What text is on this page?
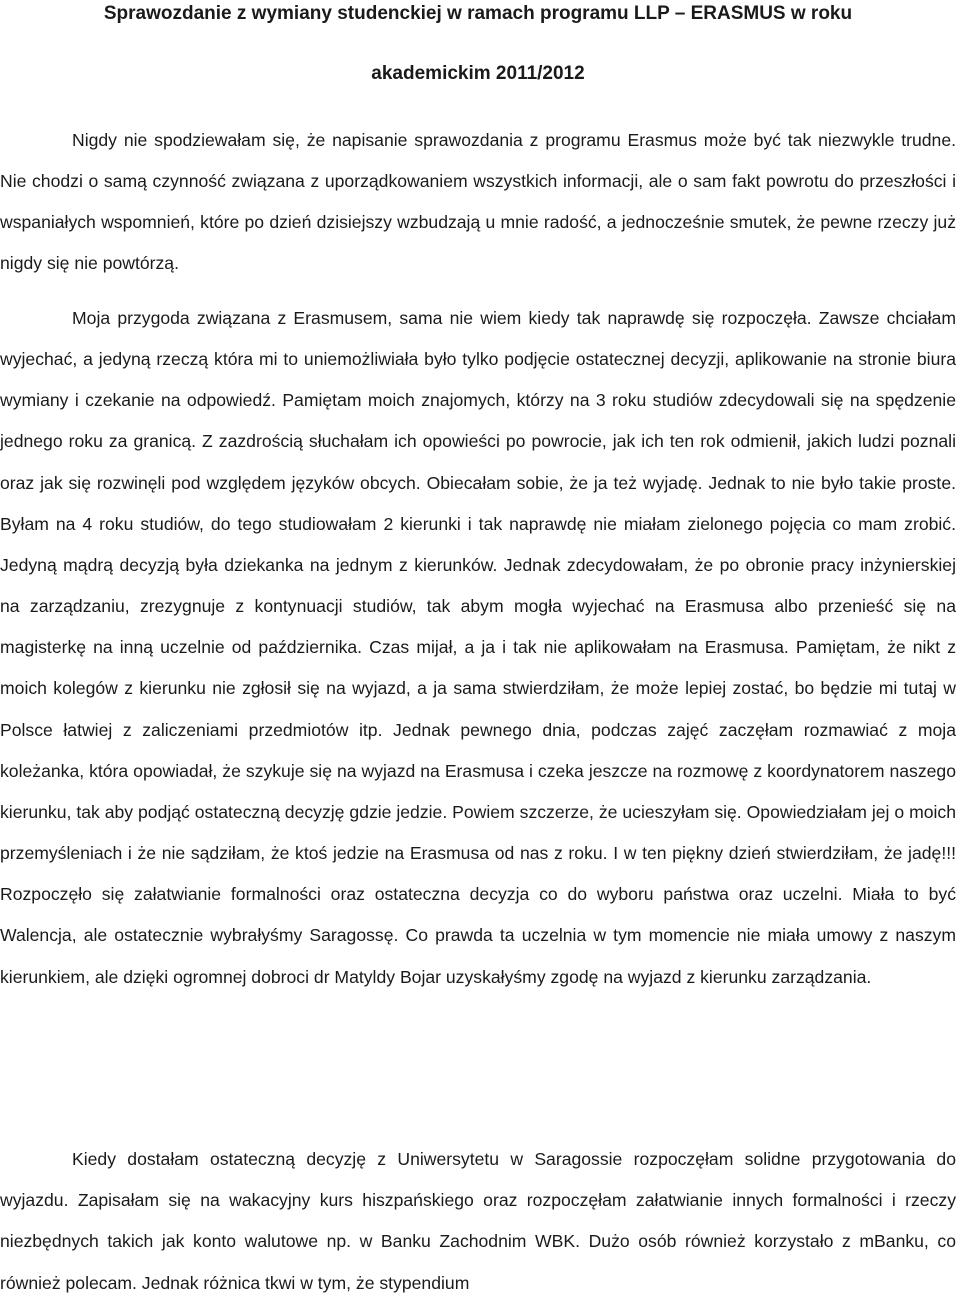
Sprawozdanie z wymiany studenckiej w ramach programu LLP – ERASMUS w roku
akademickim 2011/2012

Nigdy nie spodziewałam się, że napisanie sprawozdania z programu Erasmus może być tak niezwykle trudne. Nie chodzi o samą czynność związana z uporządkowaniem wszystkich informacji, ale o sam fakt powrotu do przeszłości i wspaniałych wspomnień, które po dzień dzisiejszy wzbudzają u mnie radość, a jednocześnie smutek, że pewne rzeczy już nigdy się nie powtórzą.

Moja przygoda związana z Erasmusem, sama nie wiem kiedy tak naprawdę się rozpoczęła. Zawsze chciałam wyjechać, a jedyną rzeczą która mi to uniemożliwiała było tylko podjęcie ostatecznej decyzji, aplikowanie na stronie biura wymiany i czekanie na odpowiedź. Pamiętam moich znajomych, którzy na 3 roku studiów zdecydowali się na spędzenie jednego roku za granicą. Z zazdrością słuchałam ich opowieści po powrocie, jak ich ten rok odmienił, jakich ludzi poznali oraz jak się rozwinęli pod względem języków obcych. Obiecałam sobie, że ja też wyjadę. Jednak to nie było takie proste. Byłam na 4 roku studiów, do tego studiowałam 2 kierunki i tak naprawdę nie miałam zielonego pojęcia co mam zrobić. Jedyną mądrą decyzją była dziekanka na jednym z kierunków. Jednak zdecydowałam, że po obronie pracy inżynierskiej na zarządzaniu, zrezygnuje z kontynuacji studiów, tak abym mogła wyjechać na Erasmusa albo przenieść się na magisterkę na inną uczelnie od października. Czas mijał, a ja i tak nie aplikowałam na Erasmusa. Pamiętam, że nikt z moich kolegów z kierunku nie zgłosił się na wyjazd, a ja sama stwierdziłam, że może lepiej zostać, bo będzie mi tutaj w Polsce łatwiej z zaliczeniami przedmiotów itp. Jednak pewnego dnia, podczas zajęć zaczęłam rozmawiać z moja koleżanka, która opowiadał, że szykuje się na wyjazd na Erasmusa i czeka jeszcze na rozmowę z koordynatorem naszego kierunku, tak aby podjąć ostateczną decyzję gdzie jedzie. Powiem szczerze, że ucieszyłam się. Opowiedziałam jej o moich przemyśleniach i że nie sądziłam, że ktoś jedzie na Erasmusa od nas z roku. I w ten piękny dzień stwierdziłam, że jadę!!! Rozpoczęło się załatwianie formalności oraz ostateczna decyzja co do wyboru państwa oraz uczelni. Miała to być Walencja, ale ostatecznie wybrałyśmy Saragossę. Co prawda ta uczelnia w tym momencie nie miała umowy z naszym kierunkiem, ale dzięki ogromnej dobroci dr Matyldy Bojar uzyskałyśmy zgodę na wyjazd z kierunku zarządzania.

Kiedy dostałam ostateczną decyzję z Uniwersytetu w Saragossie rozpoczęłam solidne przygotowania do wyjazdu. Zapisałam się na wakacyjny kurs hiszpańskiego oraz rozpoczęłam załatwianie innych formalności i rzeczy niezbędnych takich jak konto walutowe np. w Banku Zachodnim WBK. Dużo osób również korzystało z mBanku, co również polecam. Jednak różnica tkwi w tym, że stypendium
